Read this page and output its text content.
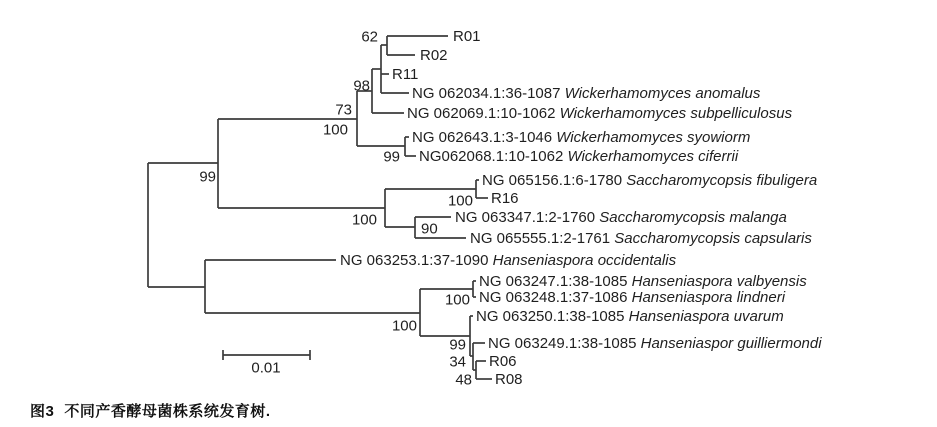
R01
R02
R11
NG 062034.1:36-1087 Wickerhamomyces anomalus
NG 062069.1:10-1062 Wickerhamomyces subpelliculosus
NG 062643.1:3-1046 Wickerhamomyces syowiorm
NG062068.1:10-1062 Wickerhamomyces ciferrii
NG 065156.1:6-1780 Saccharomycopsis fibuligera
R16
NG 063347.1:2-1760 Saccharomycopsis malanga
NG 065555.1:2-1761 Saccharomycopsis capsularis
NG 063253.1:37-1090 Hanseniaspora occidentalis
NG 063247.1:38-1085 Hanseniaspora valbyensis
NG 063248.1:37-1086 Hanseniaspora lindneri
NG 063250.1:38-1085 Hanseniaspora uvarum
NG 063249.1:38-1085 Hanseniaspor guilliermondi
R06
R08
62
98
73
100
99
99
100
100
90
100
100
99
34
48
0.01
图3 不同产香酵母菌株系统发育树.
